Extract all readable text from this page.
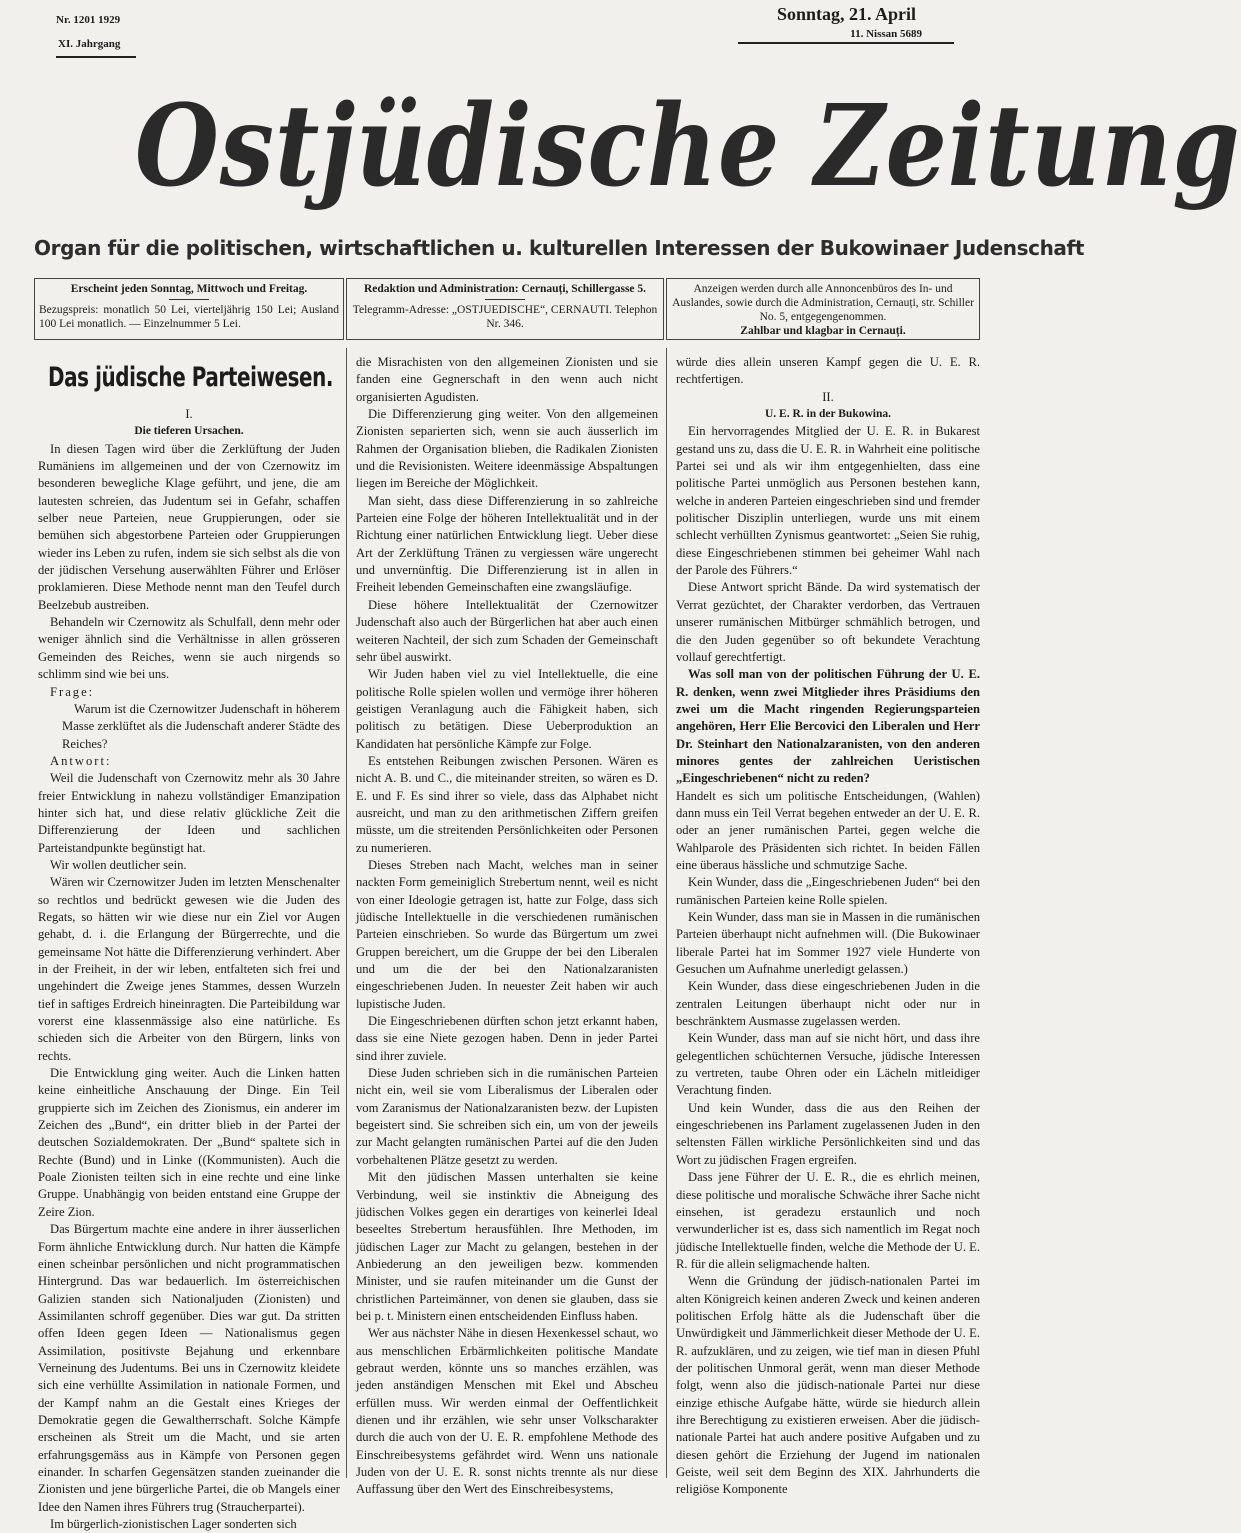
Nr. 1201 1929
XI. Jahrgang
Sonntag, 21. April
11. Nissan 5689
Ostjüdische Zeitung
Organ für die politischen, wirtschaftlichen u. kulturellen Interessen der Bukowinaer Judenschaft
Erscheint jeden Sonntag, Mittwoch und Freitag.
Bezugspreis: monatlich 50 Lei, vierteljährig 150 Lei; Ausland 100 Lei monatlich. — Einzelnummer 5 Lei.
Redaktion und Administration: Cernauți, Schillergasse 5.
Telegramm-Adresse: „OSTJUEDISCHE“, CERNAUTI. Telephon Nr. 346.
Anzeigen werden durch alle Annoncenbüros des In- und Auslandes, sowie durch die Administration, Cernauți, str. Schiller No. 5, entgegengenommen.
Zahlbar und klagbar in Cernauți.
Das jüdische Parteiwesen.

I.

Die tieferen Ursachen.

In diesen Tagen wird über die Zerklüftung der Juden Rumäniens im allgemeinen und der von Czernowitz im besonderen bewegliche Klage geführt, und jene, die am lautesten schreien, das Judentum sei in Gefahr, schaffen selber neue Parteien, neue Gruppierungen, oder sie bemühen sich abgestorbene Parteien oder Gruppierungen wieder ins Leben zu rufen, indem sie sich selbst als die von der jüdischen Versehung auserwählten Führer und Erlöser proklamieren. Diese Methode nennt man den Teufel durch Beelzebub austreiben.

Behandeln wir Czernowitz als Schulfall, denn mehr oder weniger ähnlich sind die Verhältnisse in allen grösseren Gemeinden des Reiches, wenn sie auch nirgends so schlimm sind wie bei uns.

Frage:

Warum ist die Czernowitzer Judenschaft in höherem Masse zerklüftet als die Judenschaft anderer Städte des Reiches?

Antwort:

Weil die Judenschaft von Czernowitz mehr als 30 Jahre freier Entwicklung in nahezu vollständiger Emanzipation hinter sich hat, und diese relativ glückliche Zeit die Differenzierung der Ideen und sachlichen Parteistandpunkte begünstigt hat.

Wir wollen deutlicher sein.

Wären wir Czernowitzer Juden im letzten Menschenalter so rechtlos und bedrückt gewesen wie die Juden des Regats, so hätten wir wie diese nur ein Ziel vor Augen gehabt, d. i. die Erlangung der Bürgerrechte, und die gemeinsame Not hätte die Differenzierung verhindert. Aber in der Freiheit, in der wir leben, entfalteten sich frei und ungehindert die Zweige jenes Stammes, dessen Wurzeln tief in saftiges Erdreich hineinragten. Die Parteibildung war vorerst eine klassenmässige also eine natürliche. Es schieden sich die Arbeiter von den Bürgern, links von rechts.

Die Entwicklung ging weiter. Auch die Linken hatten keine einheitliche Anschauung der Dinge. Ein Teil gruppierte sich im Zeichen des Zionismus, ein anderer im Zeichen des „Bund“, ein dritter blieb in der Partei der deutschen Sozialdemokraten. Der „Bund“ spaltete sich in Rechte (Bund) und in Linke ((Kommunisten). Auch die Poale Zionisten teilten sich in eine rechte und eine linke Gruppe. Unabhängig von beiden entstand eine Gruppe der Zeire Zion.

Das Bürgertum machte eine andere in ihrer äusserlichen Form ähnliche Entwicklung durch. Nur hatten die Kämpfe einen scheinbar persönlichen und nicht programmatischen Hintergrund. Das war bedauerlich. Im österreichischen Galizien standen sich Nationaljuden (Zionisten) und Assimilanten schroff gegenüber. Dies war gut. Da stritten offen Ideen gegen Ideen — Nationalismus gegen Assimilation, positivste Bejahung und erkennbare Verneinung des Judentums. Bei uns in Czernowitz kleidete sich eine verhüllte Assimilation in nationale Formen, und der Kampf nahm an die Gestalt eines Krieges der Demokratie gegen die Gewaltherrschaft. Solche Kämpfe erscheinen als Streit um die Macht, und sie arten erfahrungsgemäss aus in Kämpfe von Personen gegen einander. In scharfen Gegensätzen standen zueinander die Zionisten und jene bürgerliche Partei, die ob Mangels einer Idee den Namen ihres Führers trug (Straucherpartei).

Im bürgerlich-zionistischen Lager sonderten sich

die Misrachisten von den allgemeinen Zionisten und sie fanden eine Gegnerschaft in den wenn auch nicht organisierten Agudisten.

Die Differenzierung ging weiter. Von den allgemeinen Zionisten separierten sich, wenn sie auch äusserlich im Rahmen der Organisation blieben, die Radikalen Zionisten und die Revisionisten. Weitere ideenmässige Abspaltungen liegen im Bereiche der Möglichkeit.

Man sieht, dass diese Differenzierung in so zahlreiche Parteien eine Folge der höheren Intellektualität und in der Richtung einer natürlichen Entwicklung liegt. Ueber diese Art der Zerklüftung Tränen zu vergiessen wäre ungerecht und unvernünftig. Die Differenzierung ist in allen in Freiheit lebenden Gemeinschaften eine zwangsläufige.

Diese höhere Intellektualität der Czernowitzer Judenschaft also auch der Bürgerlichen hat aber auch einen weiteren Nachteil, der sich zum Schaden der Gemeinschaft sehr übel auswirkt.

Wir Juden haben viel zu viel Intellektuelle, die eine politische Rolle spielen wollen und vermöge ihrer höheren geistigen Veranlagung auch die Fähigkeit haben, sich politisch zu betätigen. Diese Ueberproduktion an Kandidaten hat persönliche Kämpfe zur Folge.

Es entstehen Reibungen zwischen Personen. Wären es nicht A. B. und C., die miteinander streiten, so wären es D. E. und F. Es sind ihrer so viele, dass das Alphabet nicht ausreicht, und man zu den arithmetischen Ziffern greifen müsste, um die streitenden Persönlichkeiten oder Personen zu numerieren.

Dieses Streben nach Macht, welches man in seiner nackten Form gemeiniglich Strebertum nennt, weil es nicht von einer Ideologie getragen ist, hatte zur Folge, dass sich jüdische Intellektuelle in die verschiedenen rumänischen Parteien einschrieben. So wurde das Bürgertum um zwei Gruppen bereichert, um die Gruppe der bei den Liberalen und um die der bei den Nationalzaranisten eingeschriebenen Juden. In neuester Zeit haben wir auch lupistische Juden.

Die Eingeschriebenen dürften schon jetzt erkannt haben, dass sie eine Niete gezogen haben. Denn in jeder Partei sind ihrer zuviele.

Diese Juden schrieben sich in die rumänischen Parteien nicht ein, weil sie vom Liberalismus der Liberalen oder vom Zaranismus der Nationalzaranisten bezw. der Lupisten begeistert sind. Sie schreiben sich ein, um von der jeweils zur Macht gelangten rumänischen Partei auf die den Juden vorbehaltenen Plätze gesetzt zu werden.

Mit den jüdischen Massen unterhalten sie keine Verbindung, weil sie instinktiv die Abneigung des jüdischen Volkes gegen ein derartiges von keinerlei Ideal beseeltes Strebertum herausfühlen. Ihre Methoden, im jüdischen Lager zur Macht zu gelangen, bestehen in der Anbiederung an den jeweiligen bezw. kommenden Minister, und sie raufen miteinander um die Gunst der christlichen Parteimänner, von denen sie glauben, dass sie bei p. t. Ministern einen entscheidenden Einfluss haben.

Wer aus nächster Nähe in diesen Hexenkessel schaut, wo aus menschlichen Erbärmlichkeiten politische Mandate gebraut werden, könnte uns so manches erzählen, was jeden anständigen Menschen mit Ekel und Abscheu erfüllen muss. Wir werden einmal der Oeffentlichkeit dienen und ihr erzählen, wie sehr unser Volkscharakter durch die auch von der U. E. R. empfohlene Methode des Einschreibesystems gefährdet wird. Wenn uns nationale Juden von der U. E. R. sonst nichts trennte als nur diese Auffassung über den Wert des Einschreibesystems,

würde dies allein unseren Kampf gegen die U. E. R. rechtfertigen.

II.

U. E. R. in der Bukowina.

Ein hervorragendes Mitglied der U. E. R. in Bukarest gestand uns zu, dass die U. E. R. in Wahrheit eine politische Partei sei und als wir ihm entgegenhielten, dass eine politische Partei unmöglich aus Personen bestehen kann, welche in anderen Parteien eingeschrieben sind und fremder politischer Disziplin unterliegen, wurde uns mit einem schlecht verhüllten Zynismus geantwortet: „Seien Sie ruhig, diese Eingeschriebenen stimmen bei geheimer Wahl nach der Parole des Führers.“

Diese Antwort spricht Bände. Da wird systematisch der Verrat gezüchtet, der Charakter verdorben, das Vertrauen unserer rumänischen Mitbürger schmählich betrogen, und die den Juden gegenüber so oft bekundete Verachtung vollauf gerechtfertigt.

Was soll man von der politischen Führung der U. E. R. denken, wenn zwei Mitglieder ihres Präsidiums den zwei um die Macht ringenden Regierungsparteien angehören, Herr Elie Bercovici den Liberalen und Herr Dr. Steinhart den Nationalzaranisten, von den anderen minores gentes der zahlreichen Ueristischen „Eingeschriebenen“ nicht zu reden?

Handelt es sich um politische Entscheidungen, (Wahlen) dann muss ein Teil Verrat begehen entweder an der U. E. R. oder an jener rumänischen Partei, gegen welche die Wahlparole des Präsidenten sich richtet. In beiden Fällen eine überaus hässliche und schmutzige Sache.

Kein Wunder, dass die „Eingeschriebenen Juden“ bei den rumänischen Parteien keine Rolle spielen.

Kein Wunder, dass man sie in Massen in die rumänischen Parteien überhaupt nicht aufnehmen will. (Die Bukowinaer liberale Partei hat im Sommer 1927 viele Hunderte von Gesuchen um Aufnahme unerledigt gelassen.)

Kein Wunder, dass diese eingeschriebenen Juden in die zentralen Leitungen überhaupt nicht oder nur in beschränktem Ausmasse zugelassen werden.

Kein Wunder, dass man auf sie nicht hört, und dass ihre gelegentlichen schüchternen Versuche, jüdische Interessen zu vertreten, taube Ohren oder ein Lächeln mitleidiger Verachtung finden.

Und kein Wunder, dass die aus den Reihen der eingeschriebenen ins Parlament zugelassenen Juden in den seltensten Fällen wirkliche Persönlichkeiten sind und das Wort zu jüdischen Fragen ergreifen.

Dass jene Führer der U. E. R., die es ehrlich meinen, diese politische und moralische Schwäche ihrer Sache nicht einsehen, ist geradezu erstaunlich und noch verwunderlicher ist es, dass sich namentlich im Regat noch jüdische Intellektuelle finden, welche die Methode der U. E. R. für die allein seligmachende halten.

Wenn die Gründung der jüdisch-nationalen Partei im alten Königreich keinen anderen Zweck und keinen anderen politischen Erfolg hätte als die Judenschaft über die Unwürdigkeit und Jämmerlichkeit dieser Methode der U. E. R. aufzuklären, und zu zeigen, wie tief man in diesen Pfuhl der politischen Unmoral gerät, wenn man dieser Methode folgt, wenn also die jüdisch-nationale Partei nur diese einzige ethische Aufgabe hätte, würde sie hiedurch allein ihre Berechtigung zu existieren erweisen. Aber die jüdisch-nationale Partei hat auch andere positive Aufgaben und zu diesen gehört die Erziehung der Jugend im nationalen Geiste, weil seit dem Beginn des XIX. Jahrhunderts die religiöse Komponente
